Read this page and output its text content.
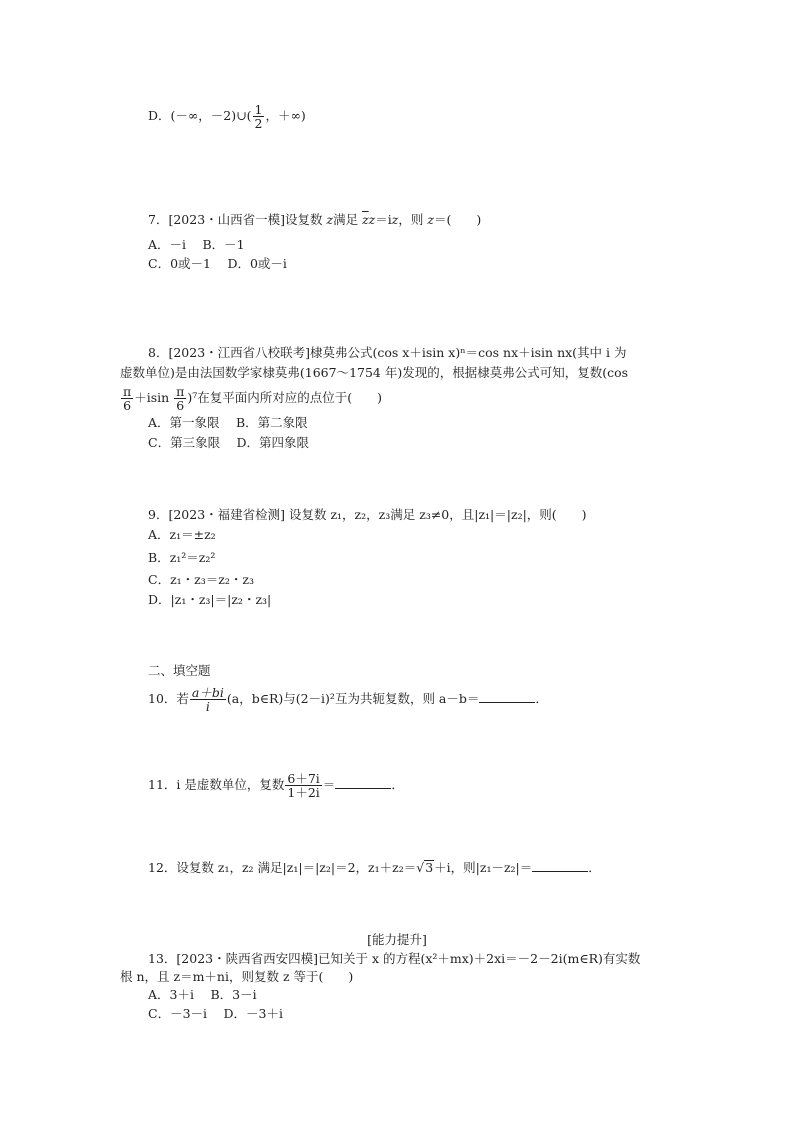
D．(－∞，－2)∪( $\frac{1}{2}$ ，＋∞)
7．[2023・山西省一模]设复数 z满足 $\overline{z}z=iz$，则 z＝(　　)
A．－i　 B．－1
C．0或－1　 D．0或－i
8．[2023・江西省八校联考]棣莫弗公式(cos x＋isin x)ⁿ＝cos nx＋isin nx(其中 i 为
虚数单位)是由法国数学家棣莫弗(1667～1754 年)发现的，根据棣莫弗公式可知，复数(cos
$\frac{\pi}{6} +isin \frac{\pi}{6} )^7$在复平面内所对应的点位于(　　)
A．第一象限　 B．第二象限
C．第三象限　 D．第四象限
9．[2023・福建省检测] 设复数 z₁，z₂，z₃满足 z₃≠0，且|z₁|＝|z₂|，则(　　)
A．z₁＝±z₂
B．z₁²＝z₂²
C．z₁・z₃＝z₂・z₃
D．|z₁・z₃|＝|z₂・z₃|
二、填空题
10．若 $\frac{a+bi}{i} (a$，b∈R)与(2－i)²互为共轭复数，则 a－b＝	．
11．i 是虚数单位，复数 $\frac{6+7i}{1+2i}$ ＝	．
12．设复数 z₁，z₂ 满足|z₁|＝|z₂|＝2，z₁＋z₂＝√3＋i，则|z₁－z₂|＝	．
[能力提升]
13．[2023・陕西省西安四模]已知关于 x 的方程(x²＋mx)＋2xi＝－2－2i(m∈R)有实数
根 n，且 z＝m＋ni，则复数 z 等于(　　)
A．3＋i　 B．3－i
C．－3－i　 D．－3＋i
